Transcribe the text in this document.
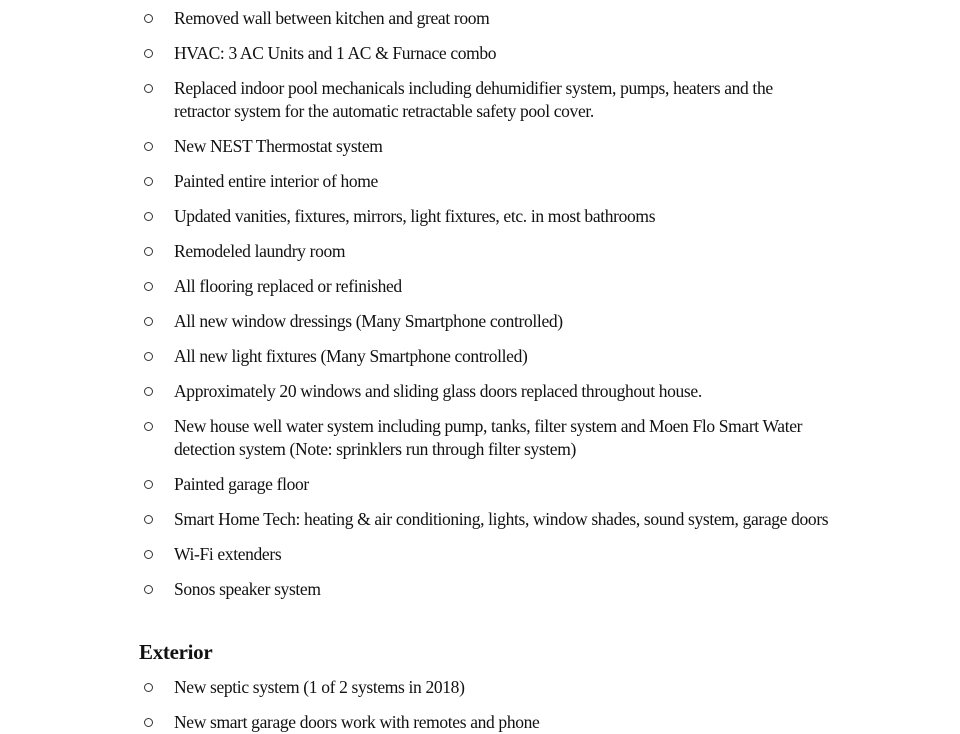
Removed wall between kitchen and great room
HVAC: 3 AC Units and 1 AC & Furnace combo
Replaced indoor pool mechanicals including dehumidifier system, pumps, heaters and the
retractor system for the automatic retractable safety pool cover.
New NEST Thermostat system
Painted entire interior of home
Updated vanities, fixtures, mirrors, light fixtures, etc. in most bathrooms
Remodeled laundry room
All flooring replaced or refinished
All new window dressings (Many Smartphone controlled)
All new light fixtures (Many Smartphone controlled)
Approximately 20 windows and sliding glass doors replaced throughout house.
New house well water system including pump, tanks, filter system and Moen Flo Smart Water
detection system (Note: sprinklers run through filter system)
Painted garage floor
Smart Home Tech: heating & air conditioning, lights, window shades, sound system, garage doors
Wi-Fi extenders
Sonos speaker system
Exterior
New septic system (1 of 2 systems in 2018)
New smart garage doors work with remotes and phone
